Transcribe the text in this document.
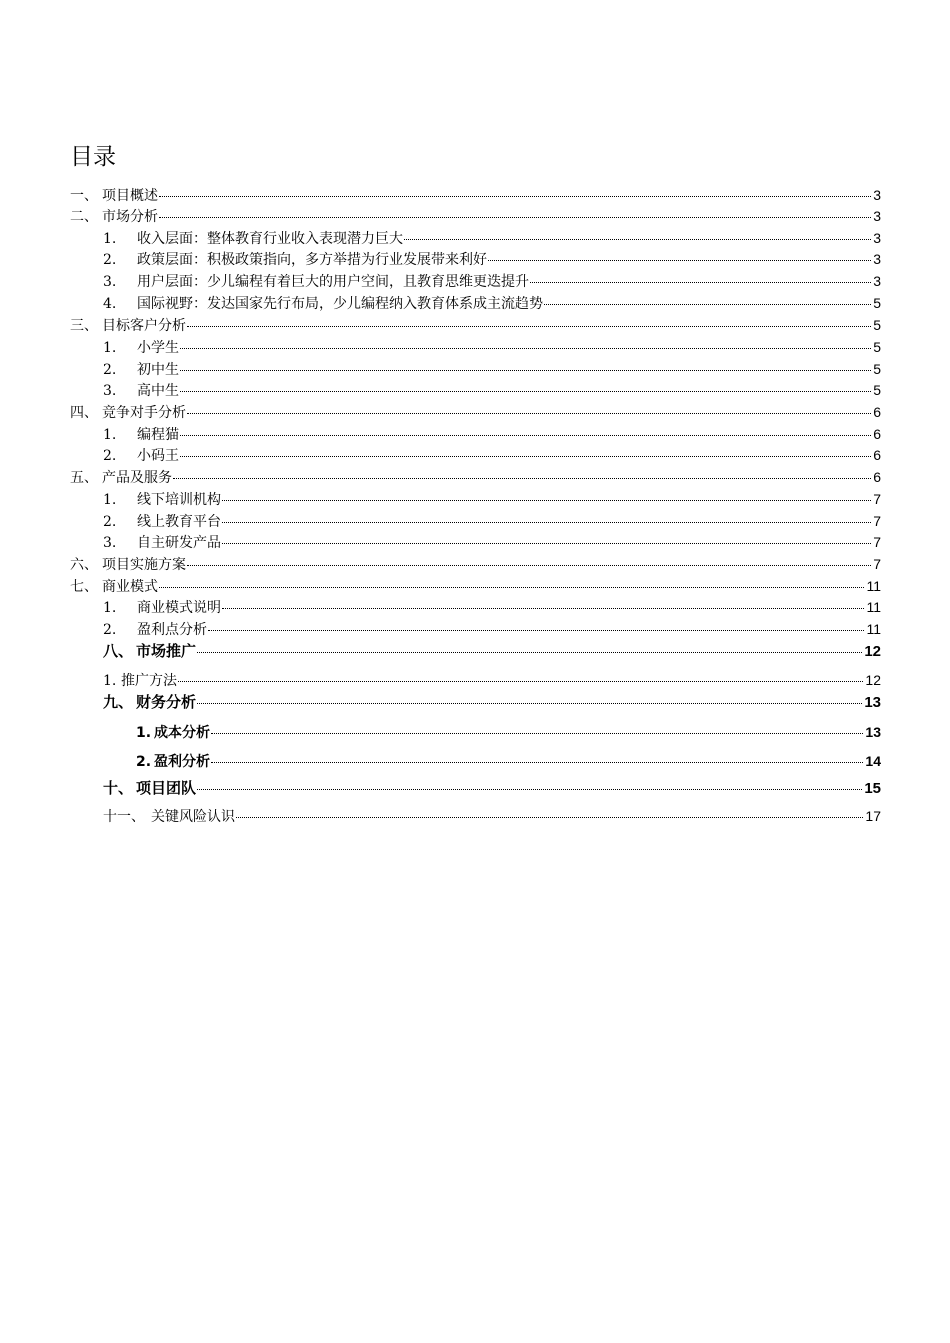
目录
一、 项目概述	3
二、 市场分析	3
1.	收入层面：整体教育行业收入表现潜力巨大	3
2.	政策层面：积极政策指向，多方举措为行业发展带来利好	3
3.	用户层面：少儿编程有着巨大的用户空间，且教育思维更迭提升	3
4.	国际视野：发达国家先行布局，少儿编程纳入教育体系成主流趋势	5
三、 目标客户分析	5
1.	小学生	5
2.	初中生	5
3.	高中生	5
四、 竞争对手分析	6
1.	编程猫	6
2.	小码王	6
五、 产品及服务	6
1.	线下培训机构	7
2.	线上教育平台	7
3.	自主研发产品	7
六、 项目实施方案	7
七、 商业模式	11
1.	商业模式说明	11
2.	盈利点分析	11
八、 市场推广	12
1. 推广方法	12
九、 财务分析	13
1. 成本分析	13
2. 盈利分析	14
十、 项目团队	15
十一、 关键风险认识	17
